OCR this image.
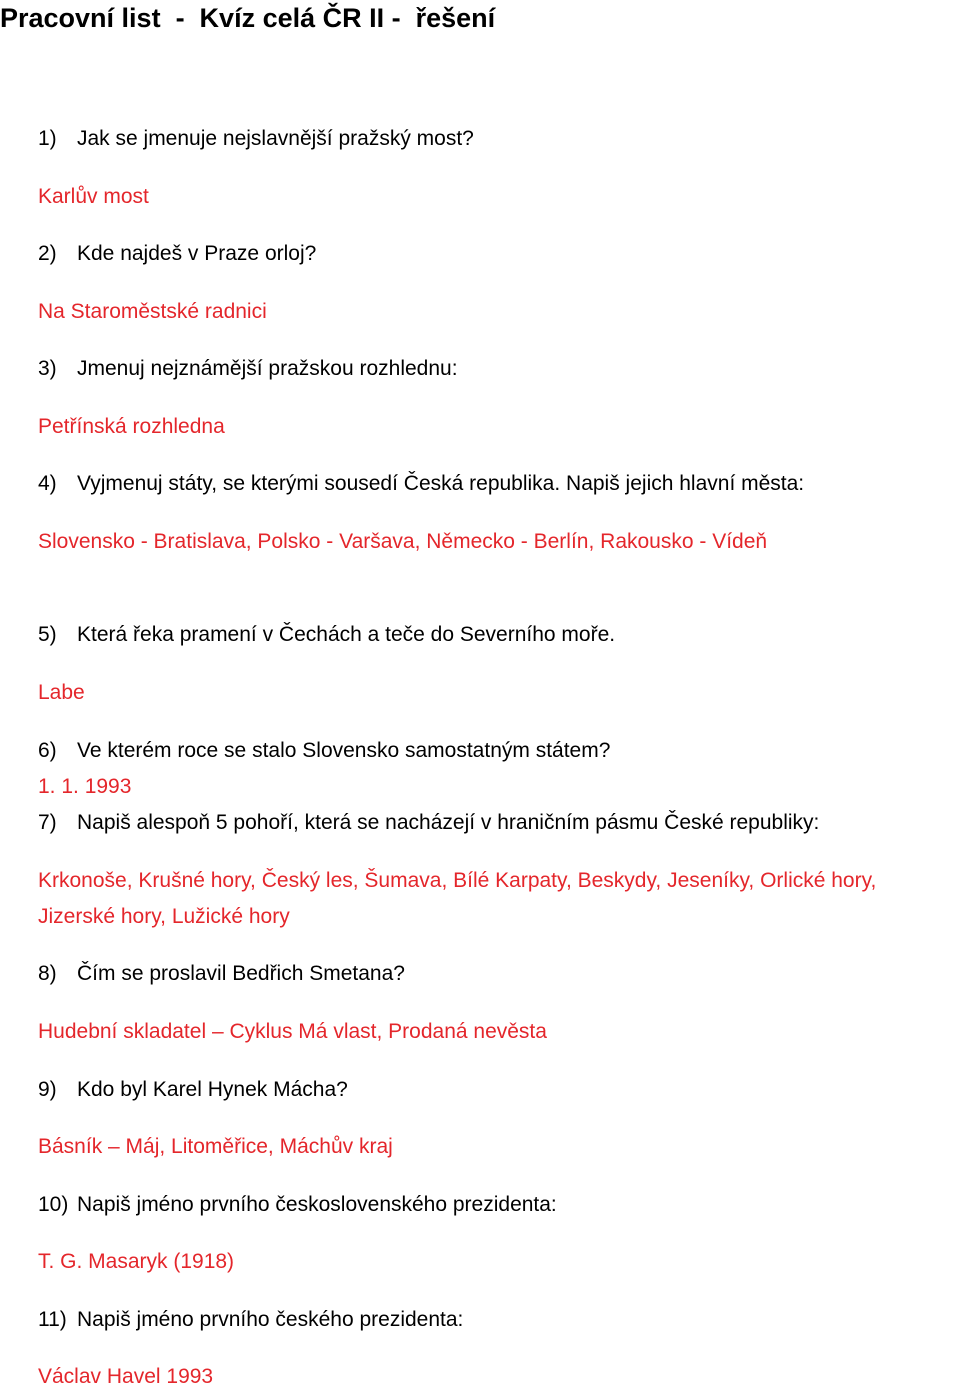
Pracovní list  -  Kvíz celá ČR II -  řešení
1) Jak se jmenuje nejslavnější pražský most?
Karlův most
2) Kde najdeš v Praze orloj?
Na Staroměstské radnici
3) Jmenuj nejznámější pražskou rozhlednu:
Petřínská rozhledna
4) Vyjmenuj státy, se kterými sousedí Česká republika. Napiš jejich hlavní města:
Slovensko - Bratislava, Polsko - Varšava, Německo - Berlín, Rakousko - Vídeň
5) Která řeka pramení v Čechách a teče do Severního moře.
Labe
6) Ve kterém roce se stalo Slovensko samostatným státem?
1. 1. 1993
7) Napiš alespoň 5 pohoří, která se nacházejí v hraničním pásmu České republiky:
Krkonoše, Krušné hory, Český les, Šumava, Bílé Karpaty, Beskydy, Jeseníky, Orlické hory,
Jizerské hory, Lužické hory
8) Čím se proslavil Bedřich Smetana?
Hudební skladatel – Cyklus Má vlast, Prodaná nevěsta
9) Kdo byl Karel Hynek Mácha?
Básník – Máj, Litoměřice, Máchův kraj
10) Napiš jméno prvního československého prezidenta:
T. G. Masaryk (1918)
11) Napiš jméno prvního českého prezidenta:
Václav Havel 1993
